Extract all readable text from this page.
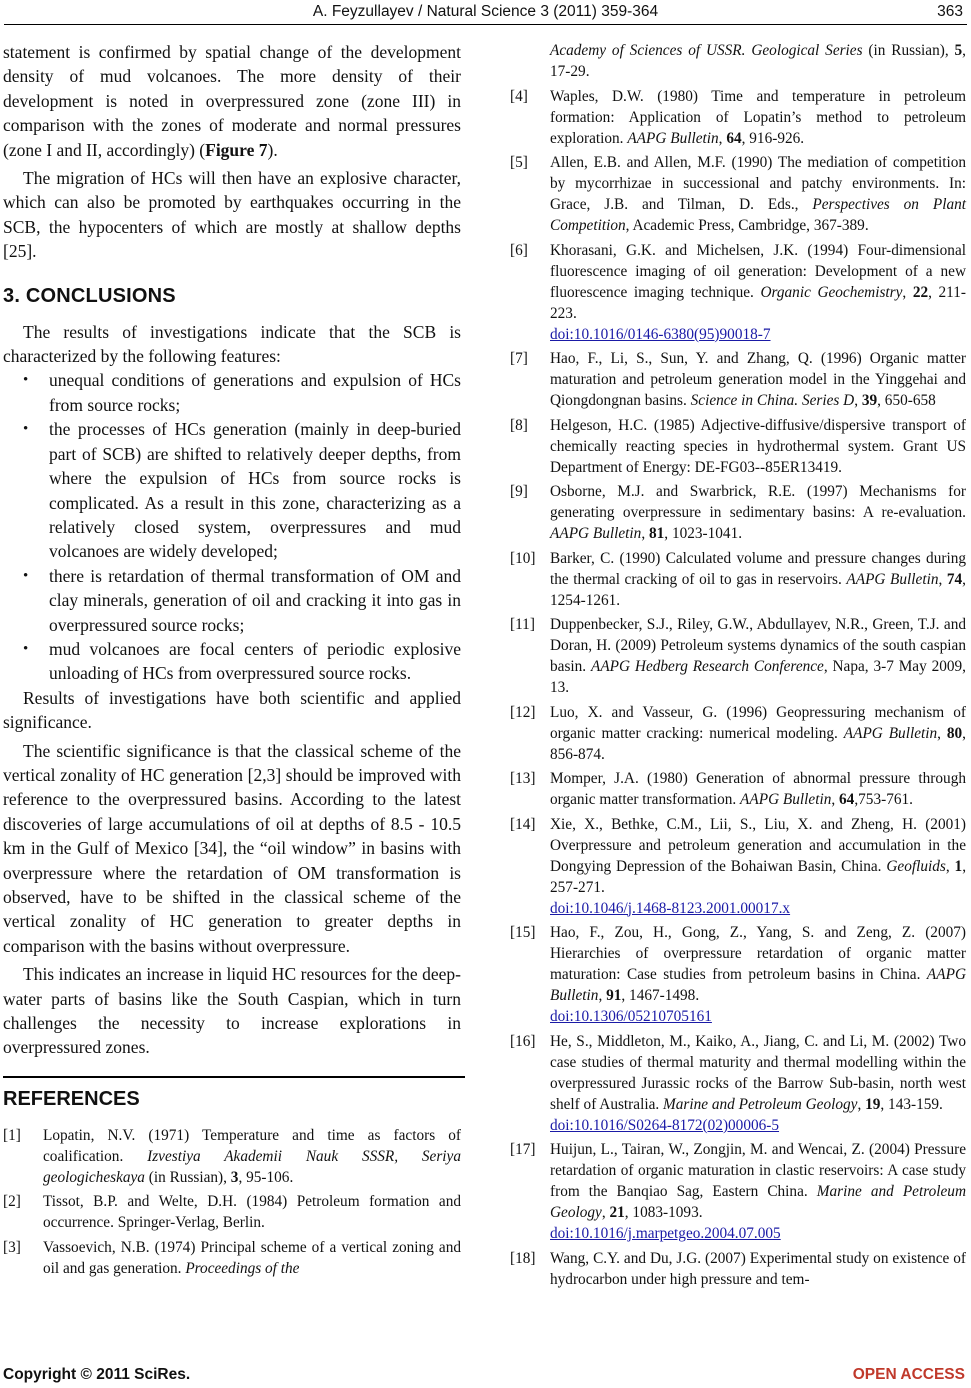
A. Feyzullayev / Natural Science 3 (2011) 359-364	363

statement is confirmed by spatial change of the development density of mud volcanoes. The more density of their development is noted in overpressured zone (zone III) in comparison with the zones of moderate and normal pressures (zone I and II, accordingly) (Figure 7).

The migration of HCs will then have an explosive character, which can also be promoted by earthquakes occurring in the SCB, the hypocenters of which are mostly at shallow depths [25].

3. CONCLUSIONS

The results of investigations indicate that the SCB is characterized by the following features:

• unequal conditions of generations and expulsion of HCs from source rocks;
• the processes of HCs generation (mainly in deep-buried part of SCB) are shifted to relatively deeper depths, from where the expulsion of HCs from source rocks is complicated. As a result in this zone, characterizing as a relatively closed system, overpressures and mud volcanoes are widely developed;
• there is retardation of thermal transformation of OM and clay minerals, generation of oil and cracking it into gas in overpressured source rocks;
• mud volcanoes are focal centers of periodic explosive unloading of HCs from overpressured source rocks.

Results of investigations have both scientific and applied significance.

The scientific significance is that the classical scheme of the vertical zonality of HC generation [2,3] should be improved with reference to the overpressured basins. According to the latest discoveries of large accumulations of oil at depths of 8.5 - 10.5 km in the Gulf of Mexico [34], the “oil window” in basins with overpressure where the retardation of OM transformation is observed, have to be shifted in the classical scheme of the vertical zonality of HC generation to greater depths in comparison with the basins without overpressure.

This indicates an increase in liquid HC resources for the deep-water parts of basins like the South Caspian, which in turn challenges the necessity to increase explorations in overpressured zones.

REFERENCES
[1] Lopatin, N.V. (1971) Temperature and time as factors of coalification. Izvestiya Akademii Nauk SSSR, Seriya geologicheskaya (in Russian), 3, 95-106.
[2] Tissot, B.P. and Welte, D.H. (1984) Petroleum formation and occurrence. Springer-Verlag, Berlin.
[3] Vassoevich, N.B. (1974) Principal scheme of a vertical zoning and oil and gas generation. Proceedings of the
Academy of Sciences of USSR. Geological Series (in Russian), 5, 17-29.
[4] Waples, D.W. (1980) Time and temperature in petroleum formation: Application of Lopatin’s method to petroleum exploration. AAPG Bulletin, 64, 916-926.
[5] Allen, E.B. and Allen, M.F. (1990) The mediation of competition by mycorrhizae in successional and patchy environments. In: Grace, J.B. and Tilman, D. Eds., Perspectives on Plant Competition, Academic Press, Cambridge, 367-389.
[6] Khorasani, G.K. and Michelsen, J.K. (1994) Four-dimensional fluorescence imaging of oil generation: Development of a new fluorescence imaging technique. Organic Geochemistry, 22, 211-223.
doi:10.1016/0146-6380(95)90018-7
[7] Hao, F., Li, S., Sun, Y. and Zhang, Q. (1996) Organic matter maturation and petroleum generation model in the Yinggehai and Qiongdongnan basins. Science in China. Series D, 39, 650-658
[8] Helgeson, H.C. (1985) Adjective-diffusive/dispersive transport of chemically reacting species in hydrothermal system. Grant US Department of Energy: DE-FG03--85ER13419.
[9] Osborne, M.J. and Swarbrick, R.E. (1997) Mechanisms for generating overpressure in sedimentary basins: A re-evaluation. AAPG Bulletin, 81, 1023-1041.
[10] Barker, C. (1990) Calculated volume and pressure changes during the thermal cracking of oil to gas in reservoirs. AAPG Bulletin, 74, 1254-1261.
[11] Duppenbecker, S.J., Riley, G.W., Abdullayev, N.R., Green, T.J. and Doran, H. (2009) Petroleum systems dynamics of the south caspian basin. AAPG Hedberg Research Conference, Napa, 3-7 May 2009, 13.
[12] Luo, X. and Vasseur, G. (1996) Geopressuring mechanism of organic matter cracking: numerical modeling. AAPG Bulletin, 80, 856-874.
[13] Momper, J.A. (1980) Generation of abnormal pressure through organic matter transformation. AAPG Bulletin, 64,753-761.
[14] Xie, X., Bethke, C.M., Lii, S., Liu, X. and Zheng, H. (2001) Overpressure and petroleum generation and accumulation in the Dongying Depression of the Bohaiwan Basin, China. Geofluids, 1, 257-271.
doi:10.1046/j.1468-8123.2001.00017.x
[15] Hao, F., Zou, H., Gong, Z., Yang, S. and Zeng, Z. (2007) Hierarchies of overpressure retardation of organic matter maturation: Case studies from petroleum basins in China. AAPG Bulletin, 91, 1467-1498.
doi:10.1306/05210705161
[16] He, S., Middleton, M., Kaiko, A., Jiang, C. and Li, M. (2002) Two case studies of thermal maturity and thermal modelling within the overpressured Jurassic rocks of the Barrow Sub-basin, north west shelf of Australia. Marine and Petroleum Geology, 19, 143-159.
doi:10.1016/S0264-8172(02)00006-5
[17] Huijun, L., Tairan, W., Zongjin, M. and Wencai, Z. (2004) Pressure retardation of organic maturation in clastic reservoirs: A case study from the Banqiao Sag, Eastern China. Marine and Petroleum Geology, 21, 1083-1093.
doi:10.1016/j.marpetgeo.2004.07.005
[18] Wang, C.Y. and Du, J.G. (2007) Experimental study on existence of hydrocarbon under high pressure and tem-
Copyright © 2011 SciRes.	OPEN ACCESS
